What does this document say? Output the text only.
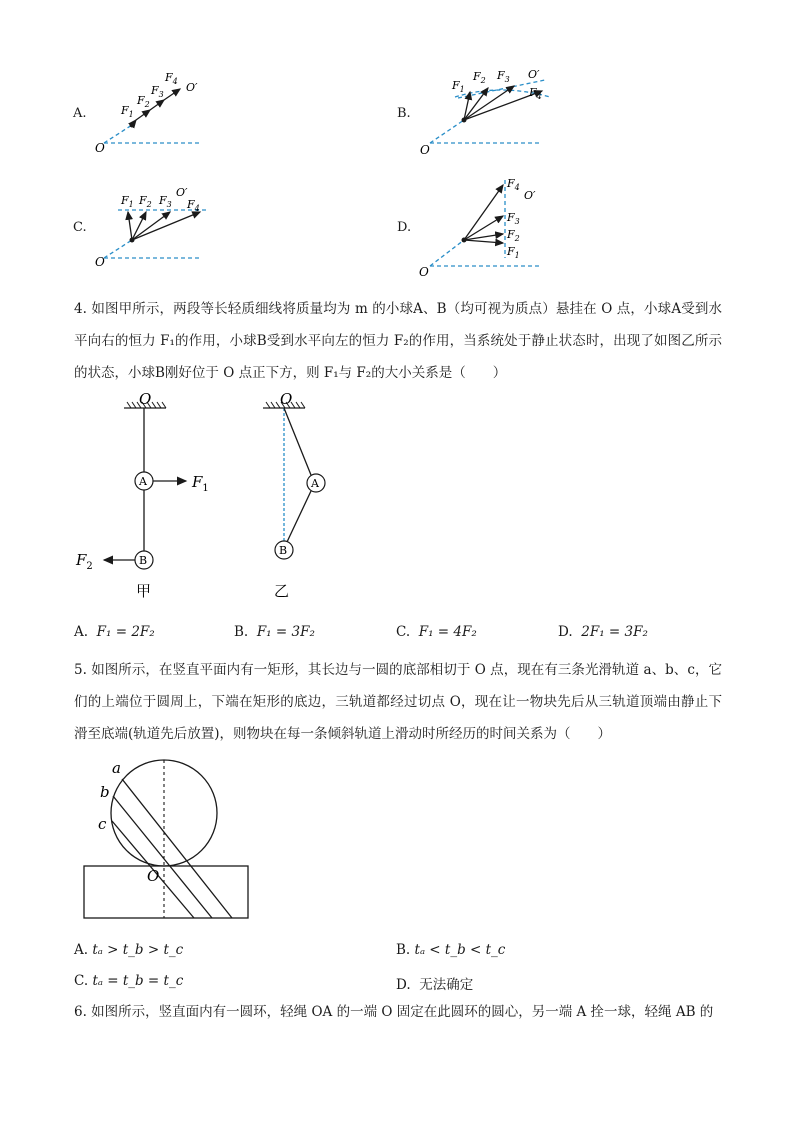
A.	B.
C.	D.
O
O′
$F_1$
$F_2$
$F_3$
$F_4$
O
O′
$F_1$
$F_2$ $F_3$
$F_4$
O
O′
$F_1$ $F_2$ $F_3$ $F_4$
O
O′
$F_4$
$F_3$
$F_2$
$F_1$
4. 如图甲所示，两段等长轻质细线将质量均为 m 的小球A、B（均可视为质点）悬挂在 O 点，小球A受到水平向右的恒力 F₁的作用，小球B受到水平向左的恒力 F₂的作用，当系统处于静止状态时，出现了如图乙所示的状态，小球B刚好位于 O 点正下方，则 F₁与 F₂的大小关系是（　　）
O
A	$F_1$
B
$F_2$
甲
O
A
B
乙
A. F₁ = 2F₂	B. F₁ = 3F₂	C. F₁ = 4F₂	D. 2F₁ = 3F₂
5. 如图所示，在竖直平面内有一矩形，其长边与一圆的底部相切于 O 点，现在有三条光滑轨道 a、b、c，它们的上端位于圆周上，下端在矩形的底边，三轨道都经过切点 O，现在让一物块先后从三轨道顶端由静止下滑至底端(轨道先后放置)，则物块在每一条倾斜轨道上滑动时所经历的时间关系为（　　）
a
b
c
O
A. tₐ > t_b > t_c	B. tₐ < t_b < t_c
C. tₐ = t_b = t_c	D. 无法确定
6. 如图所示，竖直面内有一圆环，轻绳 OA 的一端 O 固定在此圆环的圆心，另一端 A 拴一球，轻绳 AB 的
